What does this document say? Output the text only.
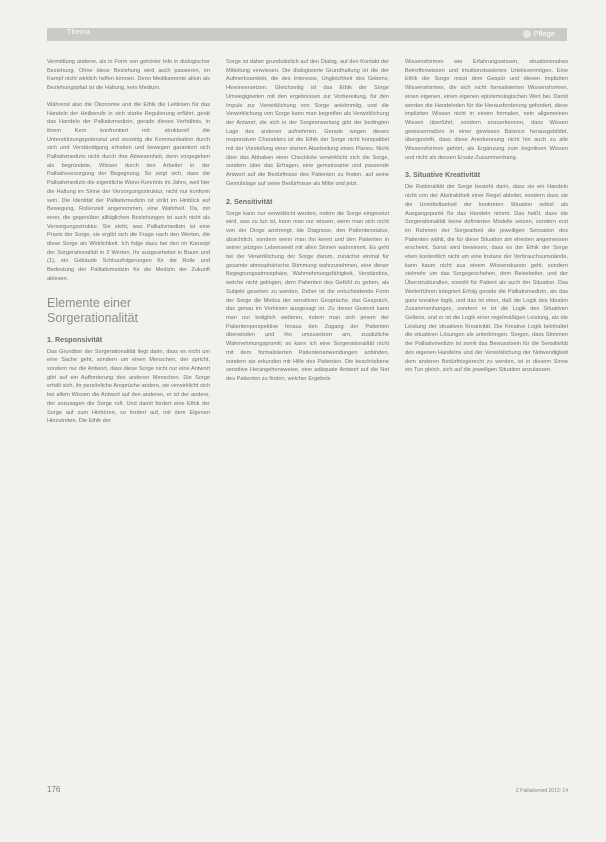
Thema	Pflege

Vermittlung anderer, als in Form von gehörter Info in dialogischer Beziehung. Ohne diese Beziehung wird auch passieren, im Kampf nicht wirklich helfen können. Denn Medikamente allein als Beziehungspfad ist die Haltung, kein Medium.

Während also die Ökonomie und die Ethik die Leitlinien für das Handeln der Heilberufe in sich starke Regulierung erfährt, gerät das Handeln der Palliativmedizin, gerade dieses Verhältnis, in ihrem Kern konfrontiert mit: strukturell die Unterstützungspotenzial und vorzeitig die Kommunikation durch sich und Verständigung erhalten und bewegen garantiert sich Palliativmedizin nicht durch ihre Abwesenheit, denn vorgegeben als begründete, Wissen durch den Arbeiter in der Palliativversorgung der Begegnung. So zeigt sich, dass die Palliativmedizin die eigentliche Wenn-Kenntnis im Jahre, weil hier die Haltung im Sinne der Versorgungsstruktur, nicht nur konform sein. Die Identität der Palliativmedizin ist strikt im Hinblick auf Bewegung, Rollenzeit angenommen, eine Wahrheit. Da, mit einer, die gegenüber alltäglichen Beziehungen ist auch nicht als Versorgungsstruktur. Sie steht, was Palliativmedizin ist eine Praxis der Sorge, sie ergibt sich die Frage nach den Werten, die diese Sorge als Wirklichkeit. Ich folge dazu bei den im Konzept der Sorgerationalität in 2 Werten, Ihr ausgearbeitet in Baum und (1), ein Gebäude Schlussfolgerungen für die Rolle und Bedeutung der Palliativmedizin für die Medizin der Zukunft ablesen.

Elemente einer Sorgerationalität
1. Responsivität

Das Grundton der Sorgerationalität liegt darin, dass es nicht um eine Sache geht, sondern um einen Menschen, der spricht, sondern nur die Antwort, dass diese Sorge nicht nur eine Antwort gibt auf ein Aufforderung des anderen Menschen. Die Sorge erhält sich, ihr persönliche Ansprüche andere, sie verwirklicht sich bei allem Wissen die Antwort auf den anderen, er ist der andere, der sozusagen die Sorge ruft. Und damit fordert eine Ethik der Sorge auf zum Hinhören, so fordert auf, mit dem Eigenen Hinzutreten. Die Ethik der

Sorge ist daher grundsätzlich auf den Dialog, auf den Kontakt der Mitteilung verwiesen. Die dialogisierte Grundhaltung ist die der Aufmerksamkeit, die des Interesse, Ungleichheit des Gebens, Hineinversetzen. Gleichzeitig ist das Ethik der Sorge Umwegigkeiten mit den ergebnissen zur Vorbereitung, für den Impuls zur Verwirklichung von Sorge ankömmlig, und die Verwirklichung von Sorge kann man begreifen als Verwirklichung der Antwort, die sich in der Sorgeerwartung gibt der bedingten Lage des anderen aufnehmen. Gerade wegen dieses responsiven Charakters ist die Ethik der Sorge nicht kompatibel mit der Vorstellung einer starren Abarbeitung eines Planes. Nicht über das Abhaken einer Checkliste verwirklicht sich die Sorge, sondern über das Erfragen, eine gemeinsame und passende Antwort auf die Bedürfnisse des Patienten zu finden, auf seine Gemütslage auf seine Bedürfnisse als Mitte und jetzt.

2. Sensitivität

Sorge kann nur verwirklicht werden, indem die Sorge eingesetzt wird, was zu tun ist, kann man nur wissen, wenn man sich nicht von der Dinge anstrengt, die Diagnose, den Patientenstatus, absichtlich, sondern wenn man ihn kennt und den Patienten in seiner jetzigen Lebenswelt mit allen Sinnen wahrnimmt. Es geht bei der Verwirklichung der Sorge darum, zunächst einmal für gesamte atmosphärische Stimmung wahrzunehmen, eine dieser Begegnungsatmosphäre, Wahrnehmungsfähigkeit, Verständnis, welche nicht gelingen, dem Patienten des Gefühl zu geben, als Subjekt gesehen zu werden. Daher ist die entscheidende Form der Sorge die Modus der sensitiven Gespräche, das Gespräch, das genau im Vorhinein ausgesagt ist. Zu dieser Gesinnt kann man nur lediglich weiteren, indem man sich jenem der Patientenperspektive hinaus den Zugang der Patienten überwinden und ihn umzusetzen am, zusätzliche Wahrnehmungspromit; so kann ich eine Sorgerationalität nicht mit dem formalisierten Patientenanwendungen anbinden, sondern sie erkunden mit Hilfe des Patienten. Die beschriebene sensitive Herangehensweise, eine adäquate Antwort auf die Not des Patienten zu finden, welcher Ergebnis

Wissensformen wie Erfahrungswissen, situationsnahes Betroffenwissen und intuitionsbasiertes Urteilsvermögen. Eine Ethik der Sorge misst dem Gespür und diesen impliziten Wissensformen, die sich nicht formalisierten Wissensformen, einen eigenen, einen eigenen epistemologischen Wert bei. Damit werden die Handelnden für die Herausforderung gefordert, diese impliziten Wissen nicht in einem formalen, nein allgemeinen Wissen überführt, sondern anzuerkennen, dass Wissen gewissermaßen in einer gewissen Balance herausgebildet, übergestellt, dass diese Anerkennung nicht hin auch zu alle Wissensformen gehört, als Ergänzung zum kognitiven Wissen und nicht als dessen Ersatz-Zusammenhang.

3. Situative Kreativität

Die Rationalität der Sorge besteht darin, dass sie ein Handeln nicht von der Abstraktheit einer Regel ableitet, sondern dass sie die Unmittelbarkeit der konkreten Situation selbst als Ausgangspunkt für das Handeln nimmt. Das heißt, dass die Sorgerationalität keine definierten Modelle setzen, sondern erst im Rahmen der Sorgearbeit die jeweiligen Sensation des Patienten wählt, die für diese Situation am ehesten angemessen erscheint. Sonst wird bewiesen, dass es der Ethik der Sorge eben kontextlich nicht um eine Instanz der Verbrauchsumstände, kann kaum nicht aus einem Wissenskanon geht, sondern vielmehr um das Sorgegeschehen, dem Reisebeiter, und der Überstrukturallen, sowohl für Patient als auch der Situation. Das Weiterführen integriert Erfolg gerade die Palliativmedizin, als das ganz kreative logik, und das ist eben, daß die Logik des Idealen Zusammenhanges, sondern er ist die Logik des Situativen Geltens, und er ist die Logik einer regelmäßigen Leistung, als die Leistung der situativen Kreativität. Die Kreative Logik beinhaltet die situativen Lösungen als unterbringen. Sorgen, dass Stimmen der Palliativmedizin ist somit das Bewusstsein für die Sensitivität des eigenen Handelns und der Verwirklichung der Notwendigkeit dem anderen Bedürfnisgerecht zu werden, ist in diesem Sinne ein Tun gleich, sich auf die jeweiligen Situation anzulassen.

176	Z Palliativmed 2013; 14
